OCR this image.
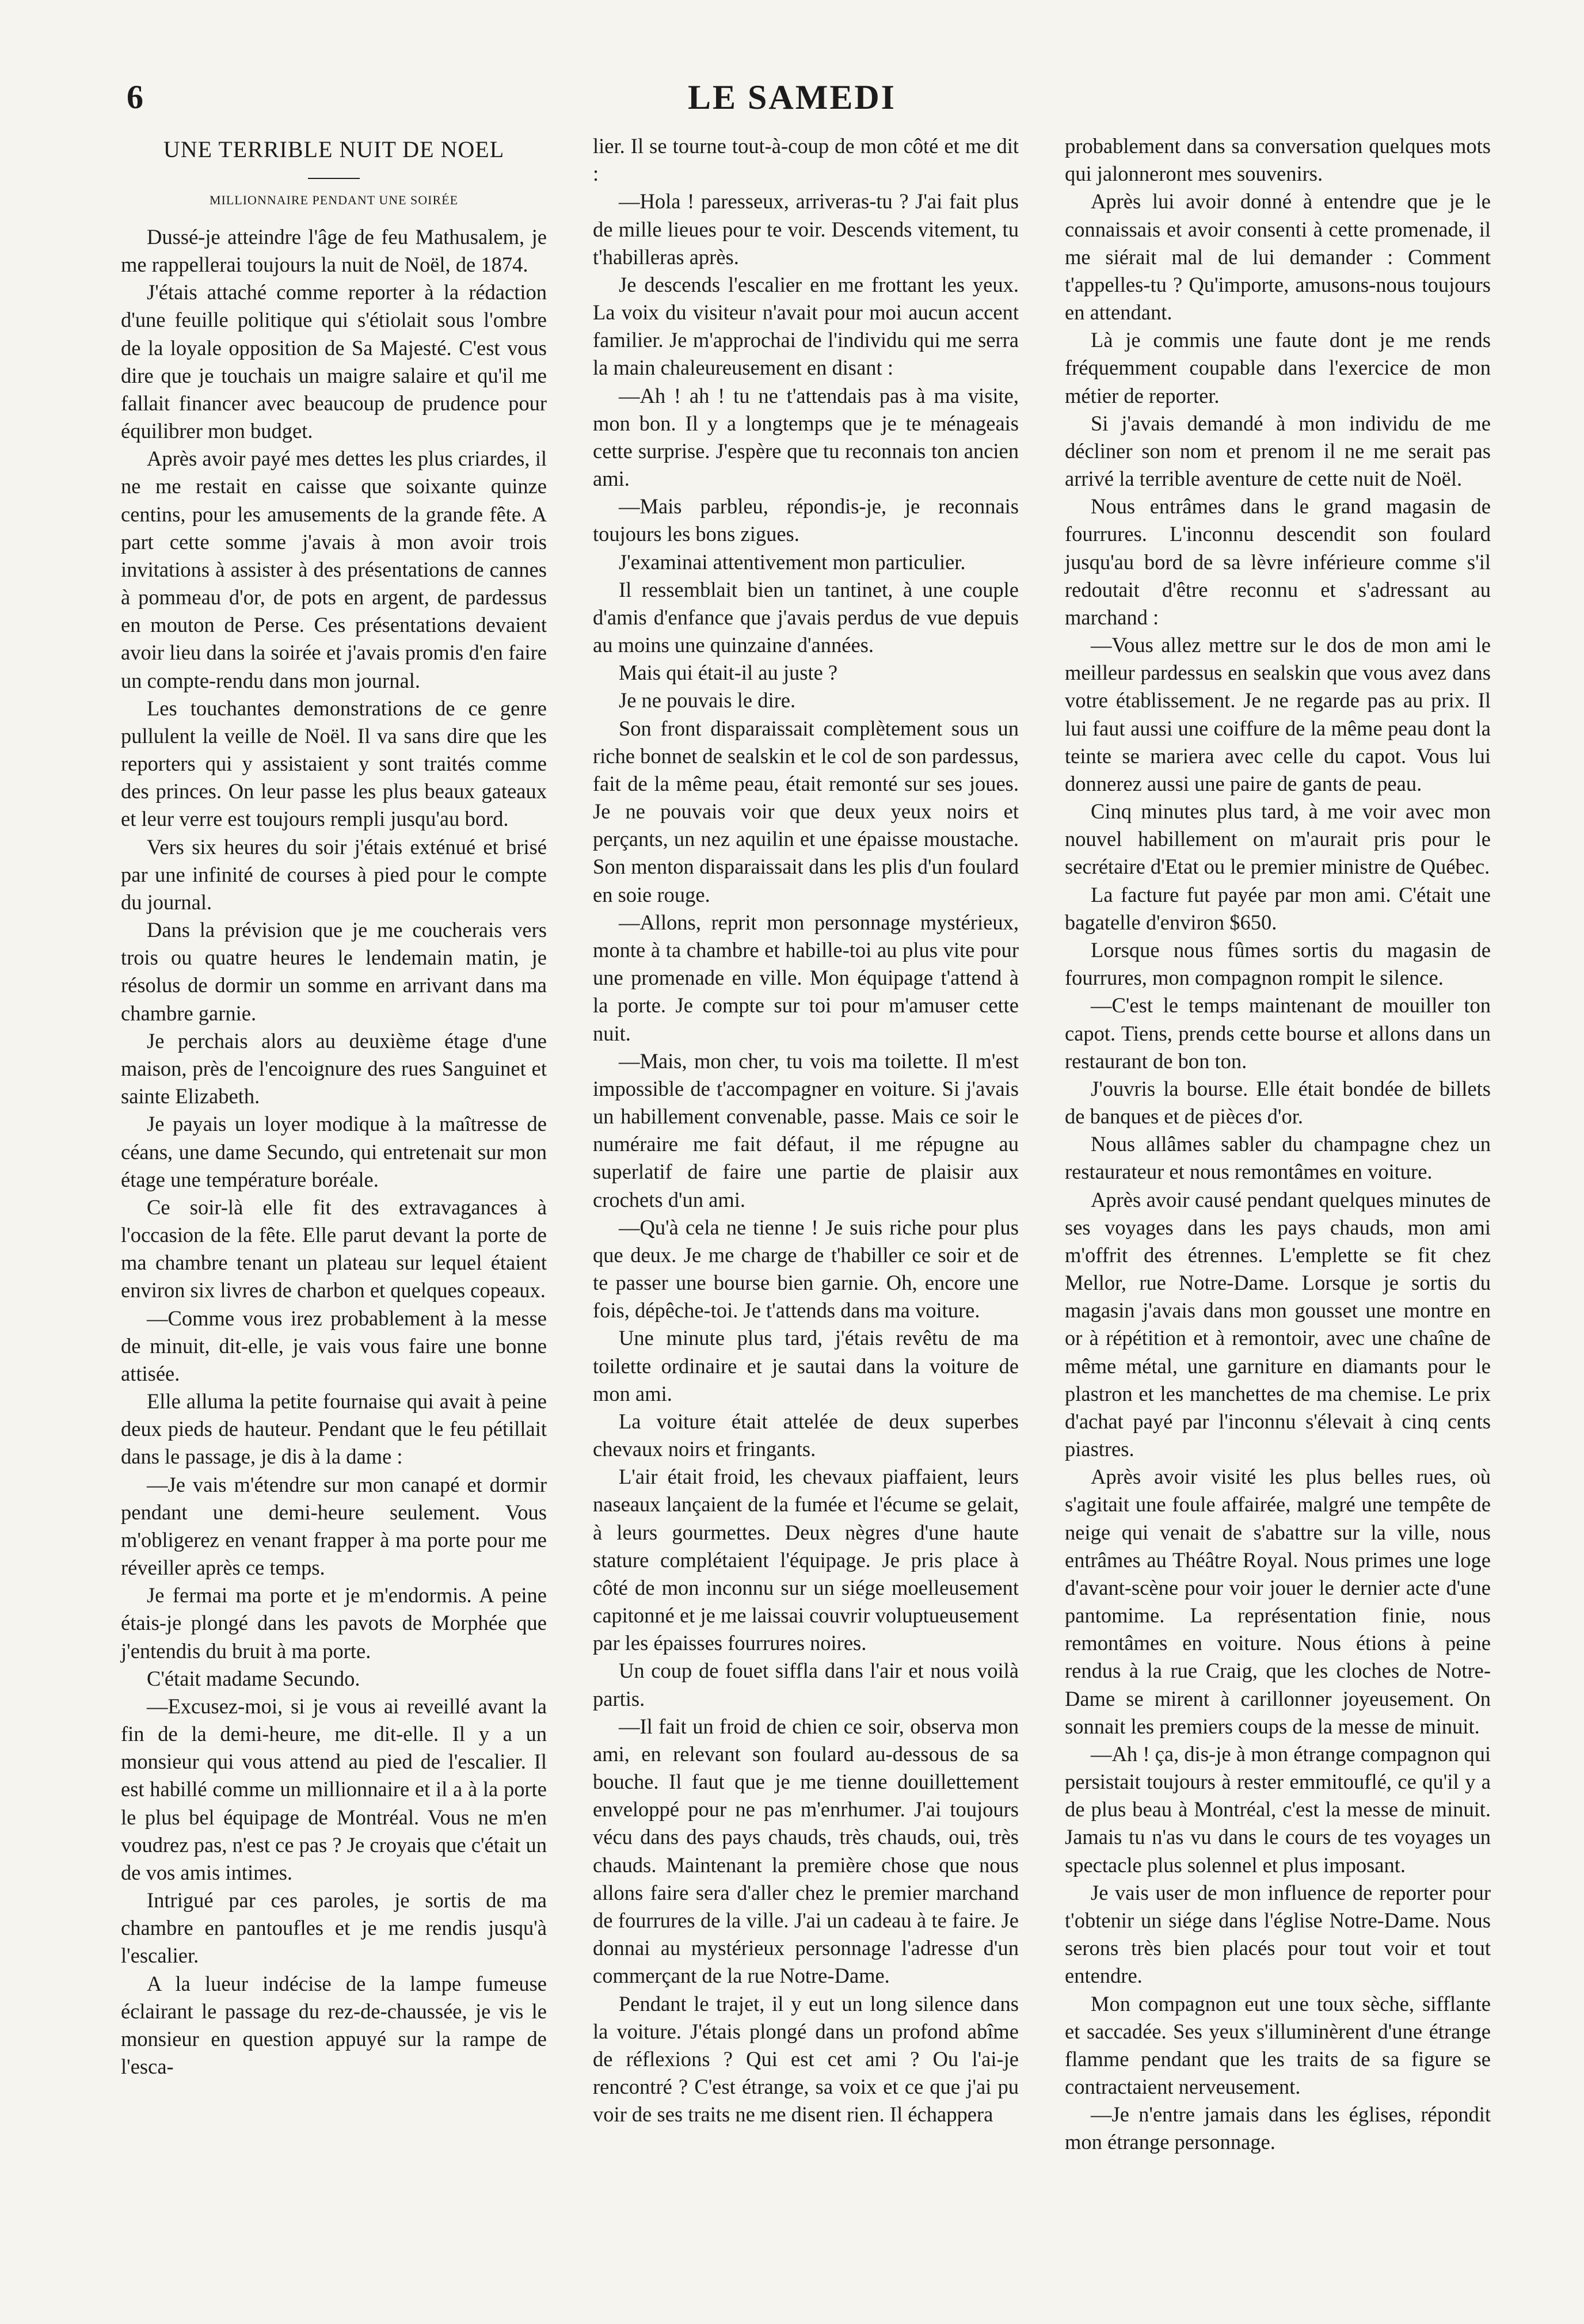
6	LE SAMEDI
UNE TERRIBLE NUIT DE NOEL
MILLIONNAIRE PENDANT UNE SOIRÉE

Dussé-je atteindre l'âge de feu Mathusalem, je me rappellerai toujours la nuit de Noël, de 1874.

J'étais attaché comme reporter à la rédaction d'une feuille politique qui s'étiolait sous l'ombre de la loyale opposition de Sa Majesté. C'est vous dire que je touchais un maigre salaire et qu'il me fallait financer avec beaucoup de prudence pour équilibrer mon budget.

Après avoir payé mes dettes les plus criardes, il ne me restait en caisse que soixante quinze centins, pour les amusements de la grande fête. A part cette somme j'avais à mon avoir trois invitations à assister à des présentations de cannes à pommeau d'or, de pots en argent, de pardessus en mouton de Perse. Ces présentations devaient avoir lieu dans la soirée et j'avais promis d'en faire un compte-rendu dans mon journal.

Les touchantes demonstrations de ce genre pullulent la veille de Noël. Il va sans dire que les reporters qui y assistaient y sont traités comme des princes. On leur passe les plus beaux gateaux et leur verre est toujours rempli jusqu'au bord.

Vers six heures du soir j'étais exténué et brisé par une infinité de courses à pied pour le compte du journal.

Dans la prévision que je me coucherais vers trois ou quatre heures le lendemain matin, je résolus de dormir un somme en arrivant dans ma chambre garnie.

Je perchais alors au deuxième étage d'une maison, près de l'encoignure des rues Sanguinet et sainte Elizabeth.

Je payais un loyer modique à la maîtresse de céans, une dame Secundo, qui entretenait sur mon étage une température boréale.

Ce soir-là elle fit des extravagances à l'occasion de la fête. Elle parut devant la porte de ma chambre tenant un plateau sur lequel étaient environ six livres de charbon et quelques copeaux.

—Comme vous irez probablement à la messe de minuit, dit-elle, je vais vous faire une bonne attisée.

Elle alluma la petite fournaise qui avait à peine deux pieds de hauteur. Pendant que le feu pétillait dans le passage, je dis à la dame :

—Je vais m'étendre sur mon canapé et dormir pendant une demi-heure seulement. Vous m'obligerez en venant frapper à ma porte pour me réveiller après ce temps.

Je fermai ma porte et je m'endormis. A peine étais-je plongé dans les pavots de Morphée que j'entendis du bruit à ma porte.

C'était madame Secundo.

—Excusez-moi, si je vous ai reveillé avant la fin de la demi-heure, me dit-elle. Il y a un monsieur qui vous attend au pied de l'escalier. Il est habillé comme un millionnaire et il a à la porte le plus bel équipage de Montréal. Vous ne m'en voudrez pas, n'est ce pas ? Je croyais que c'était un de vos amis intimes.

Intrigué par ces paroles, je sortis de ma chambre en pantoufles et je me rendis jusqu'à l'escalier.

A la lueur indécise de la lampe fumeuse éclairant le passage du rez-de-chaussée, je vis le monsieur en question appuyé sur la rampe de l'esca-

lier. Il se tourne tout-à-coup de mon côté et me dit :

—Hola ! paresseux, arriveras-tu ? J'ai fait plus de mille lieues pour te voir. Descends vitement, tu t'habilleras après.

Je descends l'escalier en me frottant les yeux. La voix du visiteur n'avait pour moi aucun accent familier. Je m'approchai de l'individu qui me serra la main chaleureusement en disant :

—Ah ! ah ! tu ne t'attendais pas à ma visite, mon bon. Il y a longtemps que je te ménageais cette surprise. J'espère que tu reconnais ton ancien ami.

—Mais parbleu, répondis-je, je reconnais toujours les bons zigues.

J'examinai attentivement mon particulier.

Il ressemblait bien un tantinet, à une couple d'amis d'enfance que j'avais perdus de vue depuis au moins une quinzaine d'années.

Mais qui était-il au juste ?

Je ne pouvais le dire.

Son front disparaissait complètement sous un riche bonnet de sealskin et le col de son pardessus, fait de la même peau, était remonté sur ses joues. Je ne pouvais voir que deux yeux noirs et perçants, un nez aquilin et une épaisse moustache. Son menton disparaissait dans les plis d'un foulard en soie rouge.

—Allons, reprit mon personnage mystérieux, monte à ta chambre et habille-toi au plus vite pour une promenade en ville. Mon équipage t'attend à la porte. Je compte sur toi pour m'amuser cette nuit.

—Mais, mon cher, tu vois ma toilette. Il m'est impossible de t'accompagner en voiture. Si j'avais un habillement convenable, passe. Mais ce soir le numéraire me fait défaut, il me répugne au superlatif de faire une partie de plaisir aux crochets d'un ami.

—Qu'à cela ne tienne ! Je suis riche pour plus que deux. Je me charge de t'habiller ce soir et de te passer une bourse bien garnie. Oh, encore une fois, dépêche-toi. Je t'attends dans ma voiture.

Une minute plus tard, j'étais revêtu de ma toilette ordinaire et je sautai dans la voiture de mon ami.

La voiture était attelée de deux superbes chevaux noirs et fringants.

L'air était froid, les chevaux piaffaient, leurs naseaux lançaient de la fumée et l'écume se gelait, à leurs gourmettes. Deux nègres d'une haute stature complétaient l'équipage. Je pris place à côté de mon inconnu sur un siége moelleusement capitonné et je me laissai couvrir voluptueusement par les épaisses fourrures noires.

Un coup de fouet siffla dans l'air et nous voilà partis.

—Il fait un froid de chien ce soir, observa mon ami, en relevant son foulard au-dessous de sa bouche. Il faut que je me tienne douillettement enveloppé pour ne pas m'enrhumer. J'ai toujours vécu dans des pays chauds, très chauds, oui, très chauds. Maintenant la première chose que nous allons faire sera d'aller chez le premier marchand de fourrures de la ville. J'ai un cadeau à te faire. Je donnai au mystérieux personnage l'adresse d'un commerçant de la rue Notre-Dame.

Pendant le trajet, il y eut un long silence dans la voiture. J'étais plongé dans un profond abîme de réflexions ? Qui est cet ami ? Ou l'ai-je rencontré ? C'est étrange, sa voix et ce que j'ai pu voir de ses traits ne me disent rien. Il échappera

probablement dans sa conversation quelques mots qui jalonneront mes souvenirs.

Après lui avoir donné à entendre que je le connaissais et avoir consenti à cette promenade, il me siérait mal de lui demander : Comment t'appelles-tu ? Qu'importe, amusons-nous toujours en attendant.

Là je commis une faute dont je me rends fréquemment coupable dans l'exercice de mon métier de reporter.

Si j'avais demandé à mon individu de me décliner son nom et prenom il ne me serait pas arrivé la terrible aventure de cette nuit de Noël.

Nous entrâmes dans le grand magasin de fourrures. L'inconnu descendit son foulard jusqu'au bord de sa lèvre inférieure comme s'il redoutait d'être reconnu et s'adressant au marchand :

—Vous allez mettre sur le dos de mon ami le meilleur pardessus en sealskin que vous avez dans votre établissement. Je ne regarde pas au prix. Il lui faut aussi une coiffure de la même peau dont la teinte se mariera avec celle du capot. Vous lui donnerez aussi une paire de gants de peau.

Cinq minutes plus tard, à me voir avec mon nouvel habillement on m'aurait pris pour le secrétaire d'Etat ou le premier ministre de Québec.

La facture fut payée par mon ami. C'était une bagatelle d'environ $650.

Lorsque nous fûmes sortis du magasin de fourrures, mon compagnon rompit le silence.

—C'est le temps maintenant de mouiller ton capot. Tiens, prends cette bourse et allons dans un restaurant de bon ton.

J'ouvris la bourse. Elle était bondée de billets de banques et de pièces d'or.

Nous allâmes sabler du champagne chez un restaurateur et nous remontâmes en voiture.

Après avoir causé pendant quelques minutes de ses voyages dans les pays chauds, mon ami m'offrit des étrennes. L'emplette se fit chez Mellor, rue Notre-Dame. Lorsque je sortis du magasin j'avais dans mon gousset une montre en or à répétition et à remontoir, avec une chaîne de même métal, une garniture en diamants pour le plastron et les manchettes de ma chemise. Le prix d'achat payé par l'inconnu s'élevait à cinq cents piastres.

Après avoir visité les plus belles rues, où s'agitait une foule affairée, malgré une tempête de neige qui venait de s'abattre sur la ville, nous entrâmes au Théâtre Royal. Nous primes une loge d'avant-scène pour voir jouer le dernier acte d'une pantomime. La représentation finie, nous remontâmes en voiture. Nous étions à peine rendus à la rue Craig, que les cloches de Notre-Dame se mirent à carillonner joyeusement. On sonnait les premiers coups de la messe de minuit.

—Ah ! ça, dis-je à mon étrange compagnon qui persistait toujours à rester emmitouflé, ce qu'il y a de plus beau à Montréal, c'est la messe de minuit. Jamais tu n'as vu dans le cours de tes voyages un spectacle plus solennel et plus imposant.

Je vais user de mon influence de reporter pour t'obtenir un siége dans l'église Notre-Dame. Nous serons très bien placés pour tout voir et tout entendre.

Mon compagnon eut une toux sèche, sifflante et saccadée. Ses yeux s'illuminèrent d'une étrange flamme pendant que les traits de sa figure se contractaient nerveusement.

—Je n'entre jamais dans les églises, répondit mon étrange personnage.
